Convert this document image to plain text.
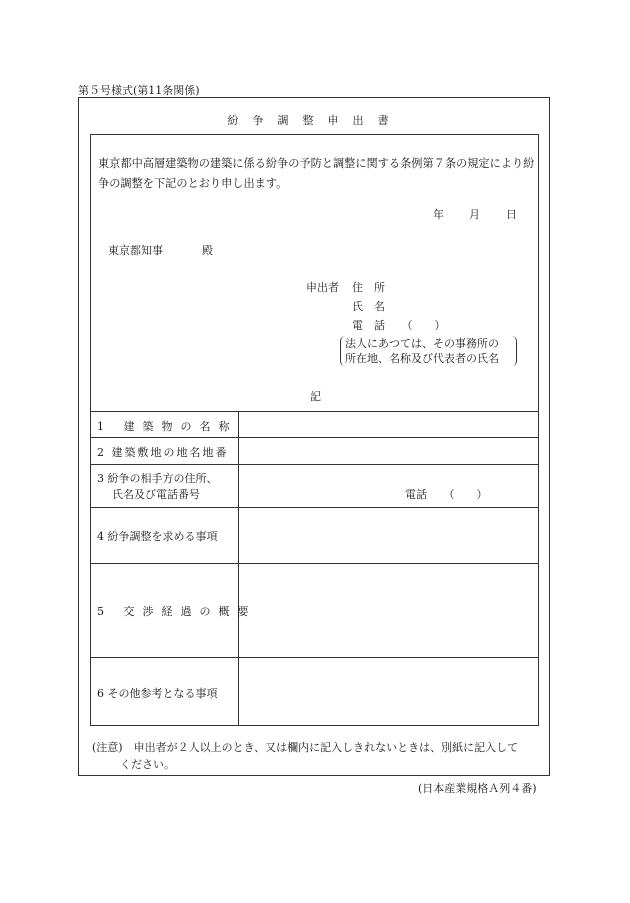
第５号様式(第11条関係)
紛争調整申出書
東京都中高層建築物の建築に係る紛争の予防と調整に関する条例第７条の規定により紛争の調整を下記のとおり申し出ます。
年 月 日
東京都知事	殿
申出者 住　所
氏　名
電　話　　（　　）
法人にあつては、その事務所の
所在地、名称及び代表者の氏名
記
1 建築物の名称
2 建築敷地の地名地番
3 紛争の相手方の住所、
氏名及び電話番号	電話　　（　　）
4 紛争調整を求める事項
5 交渉経過の概要
6 その他参考となる事項
(注意)　申出者が２人以上のとき、又は欄内に記入しきれないときは、別紙に記入して
ください。
(日本産業規格Ａ列４番)
